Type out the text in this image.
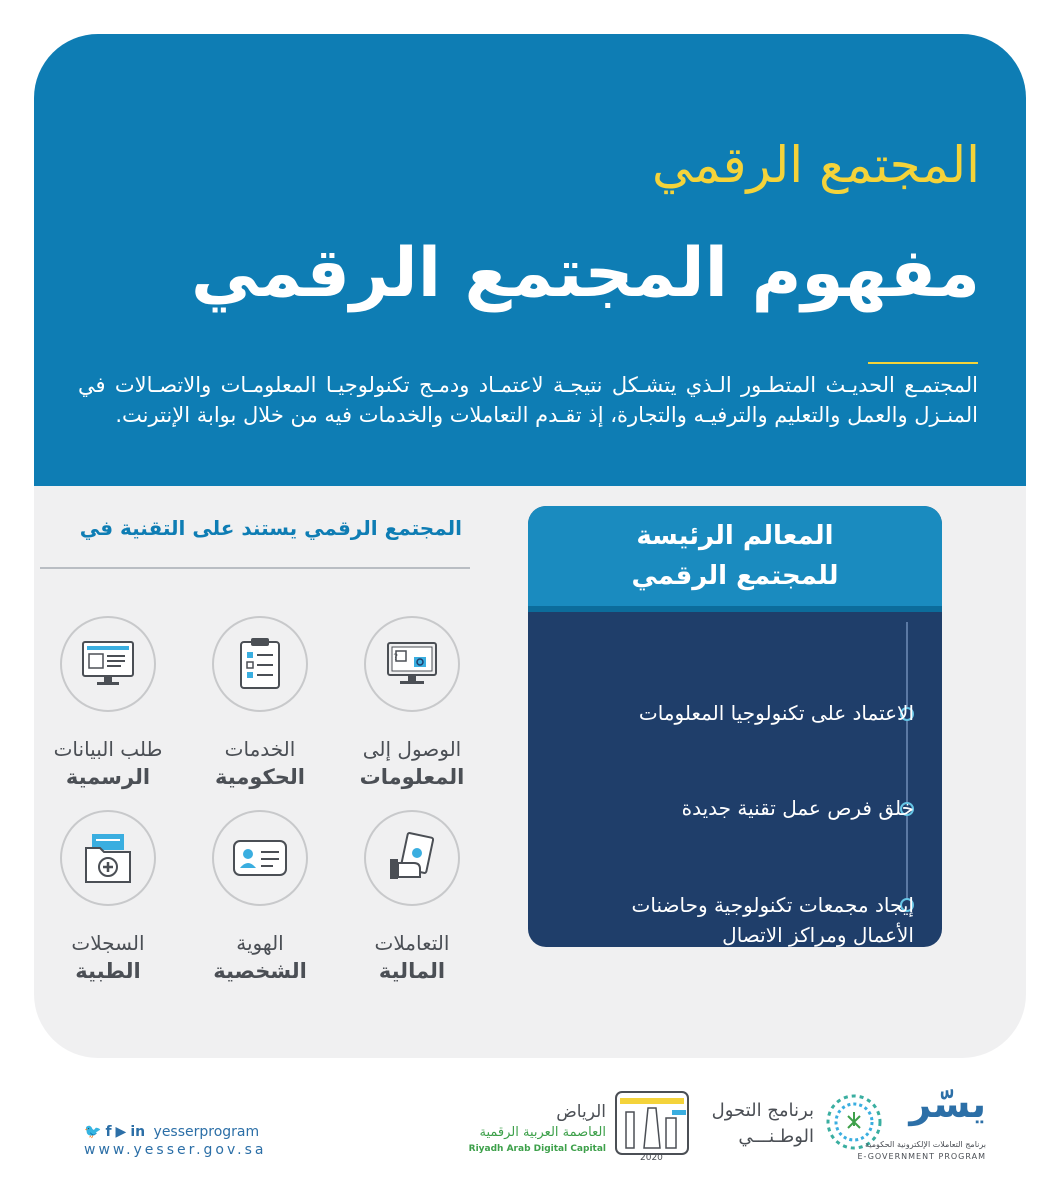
المجتمع الرقمي
مفهوم المجتمع الرقمي
المجتمـع الحديـث المتطـور الـذي يتشـكل نتيجـة لاعتمـاد ودمـج تكنولوجيـا المعلومـات والاتصـالات في المنـزل والعمل والتعليم والترفيـه والتجارة، إذ تقـدم التعاملات والخدمات فيه من خلال بوابة الإنترنت.
المجتمع الرقمي يستند على التقنية في
?
الوصول إلى
المعلومات
الخدمات
الحكومية
طلب البيانات
الرسمية
التعاملات
المالية
الهوية
الشخصية
السجلات
الطبية
المعالم الرئيسة
للمجتمع الرقمي
الاعتماد على تكنولوجيا المعلومات
خلق فرص عمل تقنية جديدة
إيجاد مجمعات تكنولوجية وحاضنات الأعمال ومراكز الاتصال
🐦 f ▶ in yesserprogram
www.yesser.gov.sa	2020
الرياض
العاصمة العربية الرقمية
Riyadh Arab Digital Capital
برنامج التحول
الوطـنـــي
يسّر
برنامج التعاملات الإلكترونية الحكومية
E-GOVERNMENT PROGRAM
